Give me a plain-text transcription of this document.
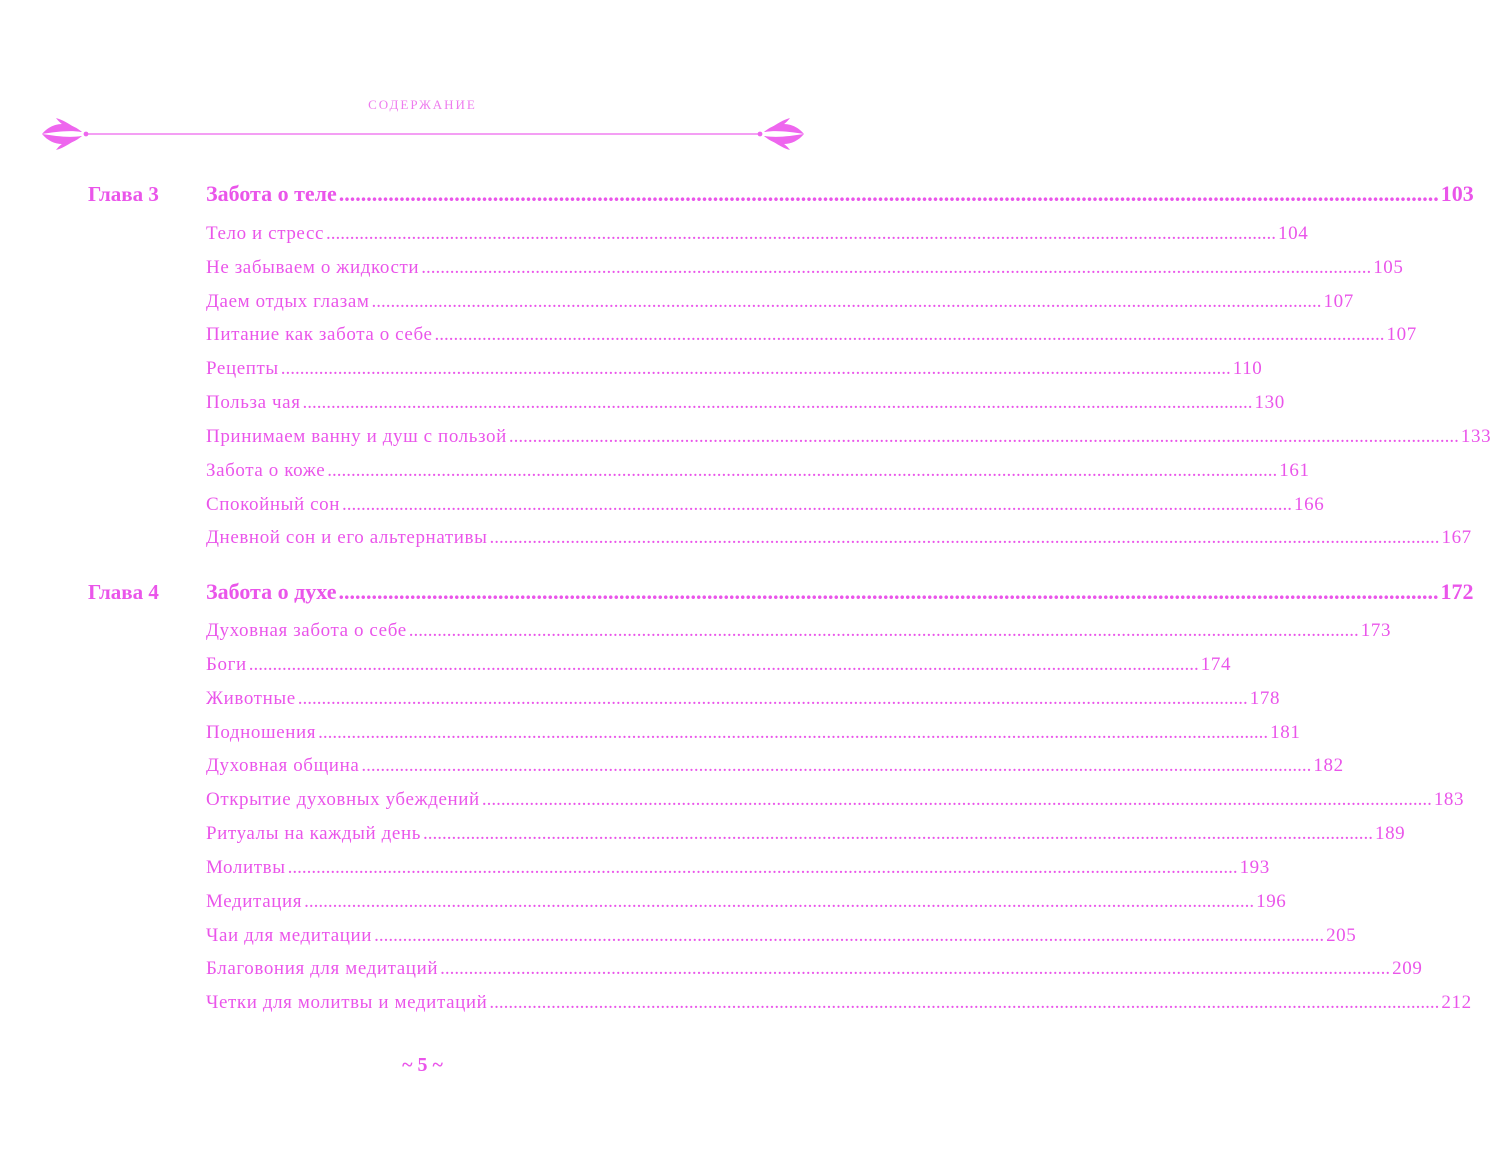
СОДЕРЖАНИЕ
Глава 3 Забота о теле ........................................................................................................................................................................................................ 103
Тело и стресс ........................................................................................................................................................................................................ 104
Не забываем о жидкости ........................................................................................................................................................................................................ 105
Даем отдых глазам ........................................................................................................................................................................................................ 107
Питание как забота о себе ........................................................................................................................................................................................................ 107
Рецепты ........................................................................................................................................................................................................ 110
Польза чая ........................................................................................................................................................................................................ 130
Принимаем ванну и душ с пользой ........................................................................................................................................................................................................ 133
Забота о коже ........................................................................................................................................................................................................ 161
Спокойный сон ........................................................................................................................................................................................................ 166
Дневной сон и его альтернативы ........................................................................................................................................................................................................ 167
Глава 4 Забота о духе ........................................................................................................................................................................................................ 172
Духовная забота о себе ........................................................................................................................................................................................................ 173
Боги ........................................................................................................................................................................................................ 174
Животные ........................................................................................................................................................................................................ 178
Подношения ........................................................................................................................................................................................................ 181
Духовная община ........................................................................................................................................................................................................ 182
Открытие духовных убеждений ........................................................................................................................................................................................................ 183
Ритуалы на каждый день ........................................................................................................................................................................................................ 189
Молитвы ........................................................................................................................................................................................................ 193
Медитация ........................................................................................................................................................................................................ 196
Чаи для медитации ........................................................................................................................................................................................................ 205
Благовония для медитаций ........................................................................................................................................................................................................ 209
Четки для молитвы и медитаций ........................................................................................................................................................................................................ 212
~ 5 ~
